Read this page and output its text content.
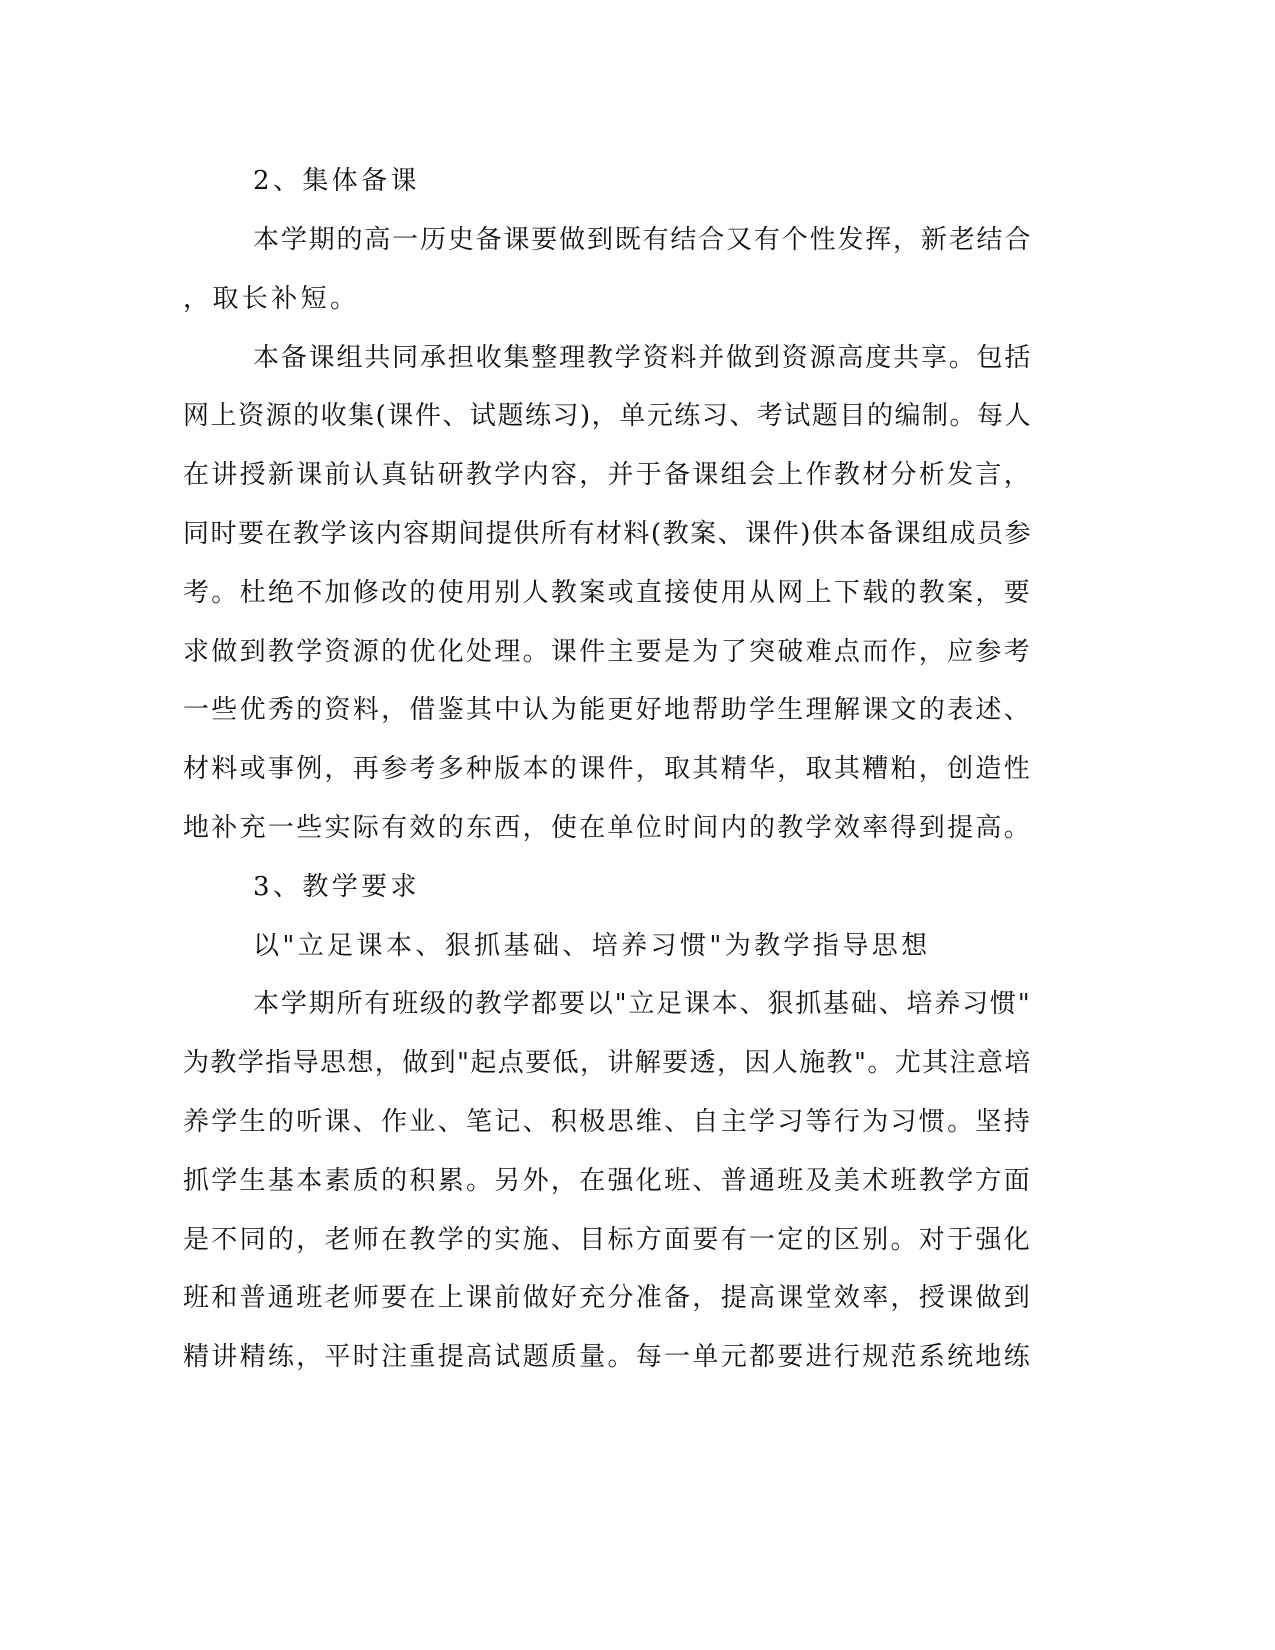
2、集体备课

本学期的高一历史备课要做到既有结合又有个性发挥，新老结合

，取长补短。

本备课组共同承担收集整理教学资料并做到资源高度共享。包括

网上资源的收集(课件、试题练习)，单元练习、考试题目的编制。每人

在讲授新课前认真钻研教学内容，并于备课组会上作教材分析发言，

同时要在教学该内容期间提供所有材料(教案、课件)供本备课组成员参

考。杜绝不加修改的使用别人教案或直接使用从网上下载的教案，要

求做到教学资源的优化处理。课件主要是为了突破难点而作，应参考

一些优秀的资料，借鉴其中认为能更好地帮助学生理解课文的表述、

材料或事例，再参考多种版本的课件，取其精华，取其糟粕，创造性

地补充一些实际有效的东西，使在单位时间内的教学效率得到提高。

3、教学要求

以"立足课本、狠抓基础、培养习惯"为教学指导思想

本学期所有班级的教学都要以"立足课本、狠抓基础、培养习惯"

为教学指导思想，做到"起点要低，讲解要透，因人施教"。尤其注意培

养学生的听课、作业、笔记、积极思维、自主学习等行为习惯。坚持

抓学生基本素质的积累。另外，在强化班、普通班及美术班教学方面

是不同的，老师在教学的实施、目标方面要有一定的区别。对于强化

班和普通班老师要在上课前做好充分准备，提高课堂效率，授课做到

精讲精练，平时注重提高试题质量。每一单元都要进行规范系统地练
